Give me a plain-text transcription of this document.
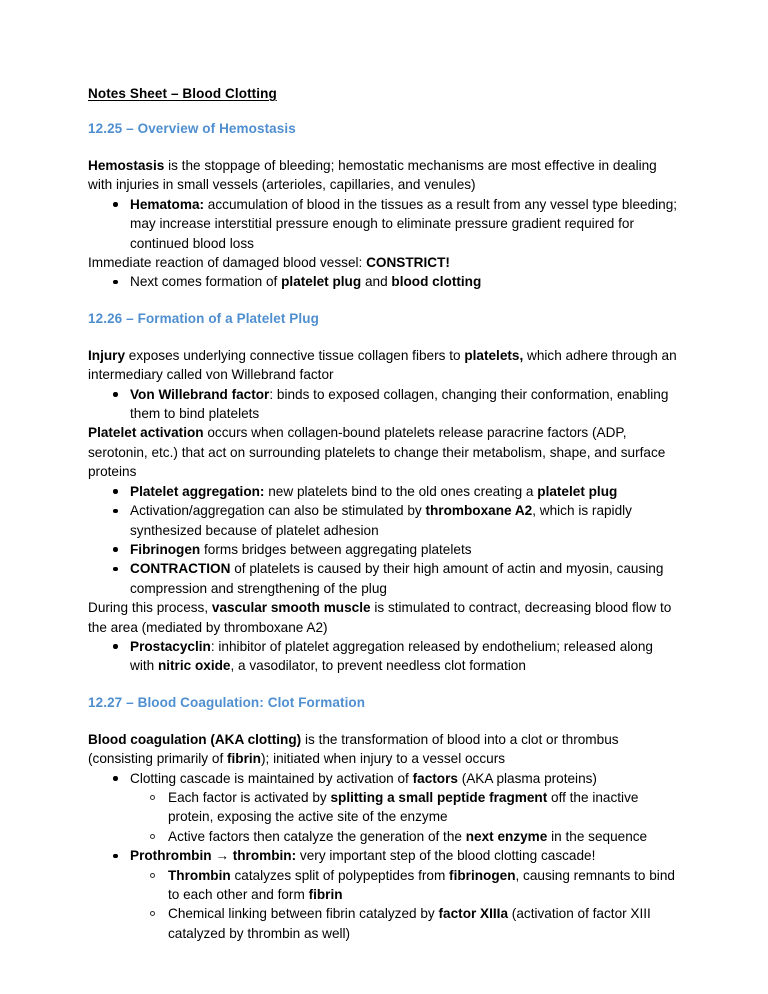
Notes Sheet – Blood Clotting
12.25 – Overview of Hemostasis

Hemostasis is the stoppage of bleeding; hemostatic mechanisms are most effective in dealing with injuries in small vessels (arterioles, capillaries, and venules)

Hematoma: accumulation of blood in the tissues as a result from any vessel type bleeding; may increase interstitial pressure enough to eliminate pressure gradient required for continued blood loss

Immediate reaction of damaged blood vessel: CONSTRICT!

Next comes formation of platelet plug and blood clotting
12.26 – Formation of a Platelet Plug

Injury exposes underlying connective tissue collagen fibers to platelets, which adhere through an intermediary called von Willebrand factor

Von Willebrand factor: binds to exposed collagen, changing their conformation, enabling them to bind platelets

Platelet activation occurs when collagen-bound platelets release paracrine factors (ADP, serotonin, etc.) that act on surrounding platelets to change their metabolism, shape, and surface proteins

Platelet aggregation: new platelets bind to the old ones creating a platelet plug
Activation/aggregation can also be stimulated by thromboxane A2, which is rapidly synthesized because of platelet adhesion
Fibrinogen forms bridges between aggregating platelets
CONTRACTION of platelets is caused by their high amount of actin and myosin, causing compression and strengthening of the plug

During this process, vascular smooth muscle is stimulated to contract, decreasing blood flow to the area (mediated by thromboxane A2)

Prostacyclin: inhibitor of platelet aggregation released by endothelium; released along with nitric oxide, a vasodilator, to prevent needless clot formation
12.27 – Blood Coagulation: Clot Formation

Blood coagulation (AKA clotting) is the transformation of blood into a clot or thrombus (consisting primarily of fibrin); initiated when injury to a vessel occurs

Clotting cascade is maintained by activation of factors (AKA plasma proteins)
Each factor is activated by splitting a small peptide fragment off the inactive protein, exposing the active site of the enzyme
Active factors then catalyze the generation of the next enzyme in the sequence
Prothrombin → thrombin: very important step of the blood clotting cascade!
Thrombin catalyzes split of polypeptides from fibrinogen, causing remnants to bind to each other and form fibrin
Chemical linking between fibrin catalyzed by factor XIIIa (activation of factor XIII catalyzed by thrombin as well)
